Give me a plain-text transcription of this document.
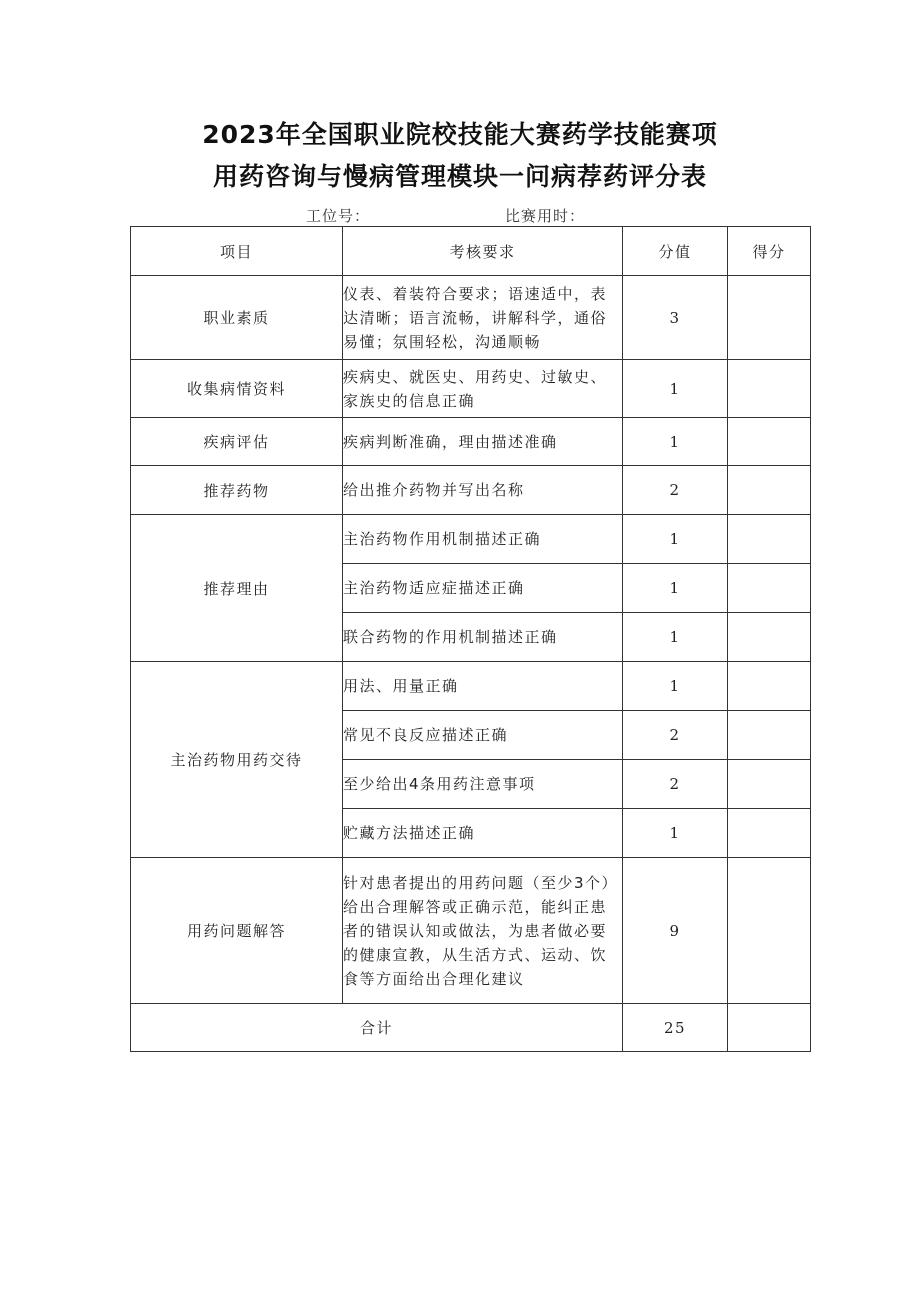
2023年全国职业院校技能大赛药学技能赛项
用药咨询与慢病管理模块一问病荐药评分表
工位号：	比赛用时：
项目	考核要求	分值	得分
职业素质	仪表、着装符合要求；语速适中，表达清晰；语言流畅，讲解科学，通俗易懂；氛围轻松，沟通顺畅	3	
收集病情资料	疾病史、就医史、用药史、过敏史、家族史的信息正确	1	
疾病评估	疾病判断准确，理由描述准确	1	
推荐药物	给出推介药物并写出名称	2	
推荐理由	主治药物作用机制描述正确	1	
	主治药物适应症描述正确	1	
	联合药物的作用机制描述正确	1	
主治药物用药交待	用法、用量正确	1	
	常见不良反应描述正确	2	
	至少给出4条用药注意事项	2	
	贮藏方法描述正确	1	
用药问题解答	针对患者提出的用药问题（至少3个）给出合理解答或正确示范，能纠正患者的错误认知或做法，为患者做必要的健康宣教，从生活方式、运动、饮食等方面给出合理化建议	9	
合计		25	
